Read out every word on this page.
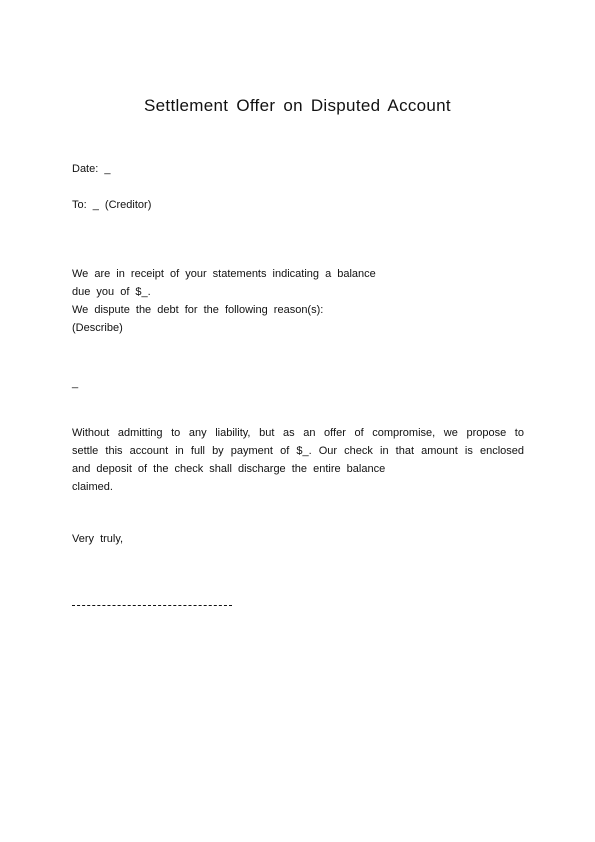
Settlement Offer on Disputed Account

Date: _

To: _ (Creditor)

We are in receipt of your statements indicating a balance
due you of $_.
We dispute the debt for the following reason(s):
(Describe)

_

Without admitting to any liability, but as an offer of compromise, we propose to
settle this account in full by payment of $_. Our check in that amount is enclosed
and deposit of the check shall discharge the entire balance
claimed.

Very truly,
